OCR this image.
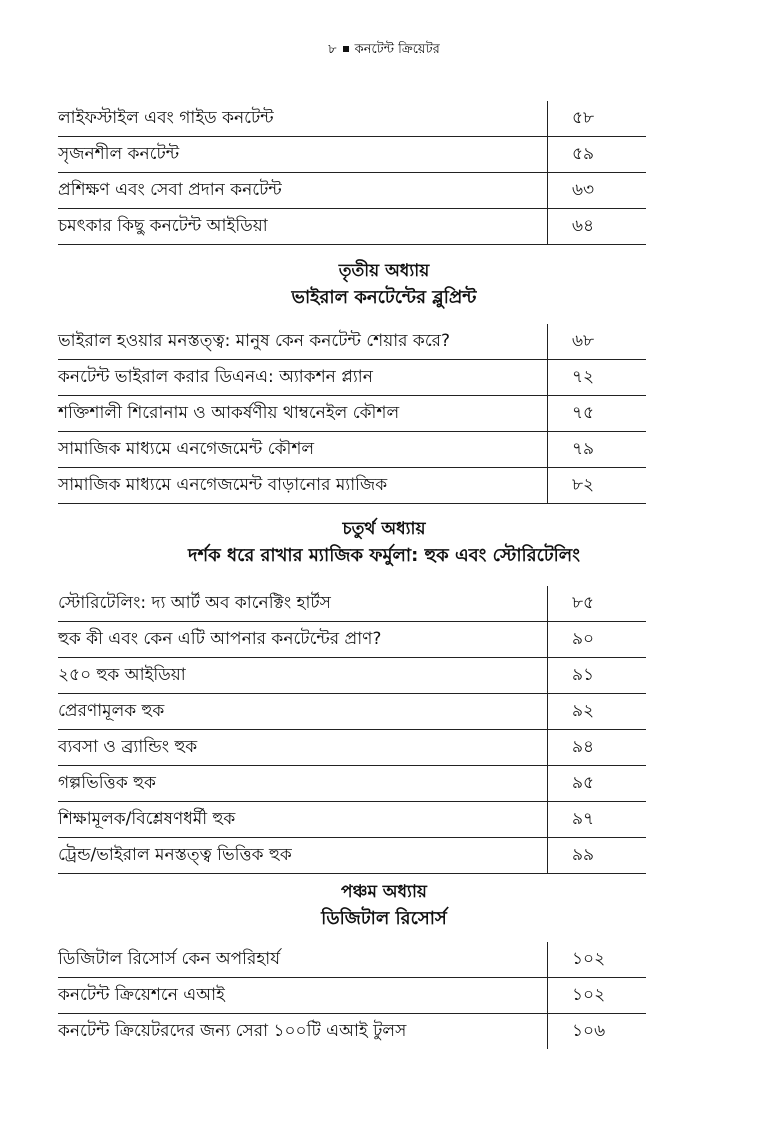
৮ কনটেন্ট ক্রিয়েটর
লাইফস্টাইল এবং গাইড কনটেন্ট	৫৮
সৃজনশীল কনটেন্ট	৫৯
প্রশিক্ষণ এবং সেবা প্রদান কনটেন্ট	৬৩
চমৎকার কিছু কনটেন্ট আইডিয়া	৬৪
তৃতীয় অধ্যায়
ভাইরাল কনটেন্টের ব্লুপ্রিন্ট
ভাইরাল হওয়ার মনস্তত্ত্ব: মানুষ কেন কনটেন্ট শেয়ার করে?	৬৮
কনটেন্ট ভাইরাল করার ডিএনএ: অ্যাকশন প্ল্যান	৭২
শক্তিশালী শিরোনাম ও আকর্ষণীয় থাম্বনেইল কৌশল	৭৫
সামাজিক মাধ্যমে এনগেজমেন্ট কৌশল	৭৯
সামাজিক মাধ্যমে এনগেজমেন্ট বাড়ানোর ম্যাজিক	৮২
চতুর্থ অধ্যায়
দর্শক ধরে রাখার ম্যাজিক ফর্মুলা: হুক এবং স্টোরিটেলিং
স্টোরিটেলিং: দ্য আর্ট অব কানেক্টিং হার্টস	৮৫
হুক কী এবং কেন এটি আপনার কনটেন্টের প্রাণ?	৯০
২৫০ হুক আইডিয়া	৯১
প্রেরণামূলক হুক	৯২
ব্যবসা ও ব্র্যান্ডিং হুক	৯৪
গল্পভিত্তিক হুক	৯৫
শিক্ষামূলক/বিশ্লেষণধর্মী হুক	৯৭
ট্রেন্ড/ভাইরাল মনস্তত্ত্ব ভিত্তিক হুক	৯৯
পঞ্চম অধ্যায়
ডিজিটাল রিসোর্স
ডিজিটাল রিসোর্স কেন অপরিহার্য	১০২
কনটেন্ট ক্রিয়েশনে এআই	১০২
কনটেন্ট ক্রিয়েটরদের জন্য সেরা ১০০টি এআই টুলস	১০৬
